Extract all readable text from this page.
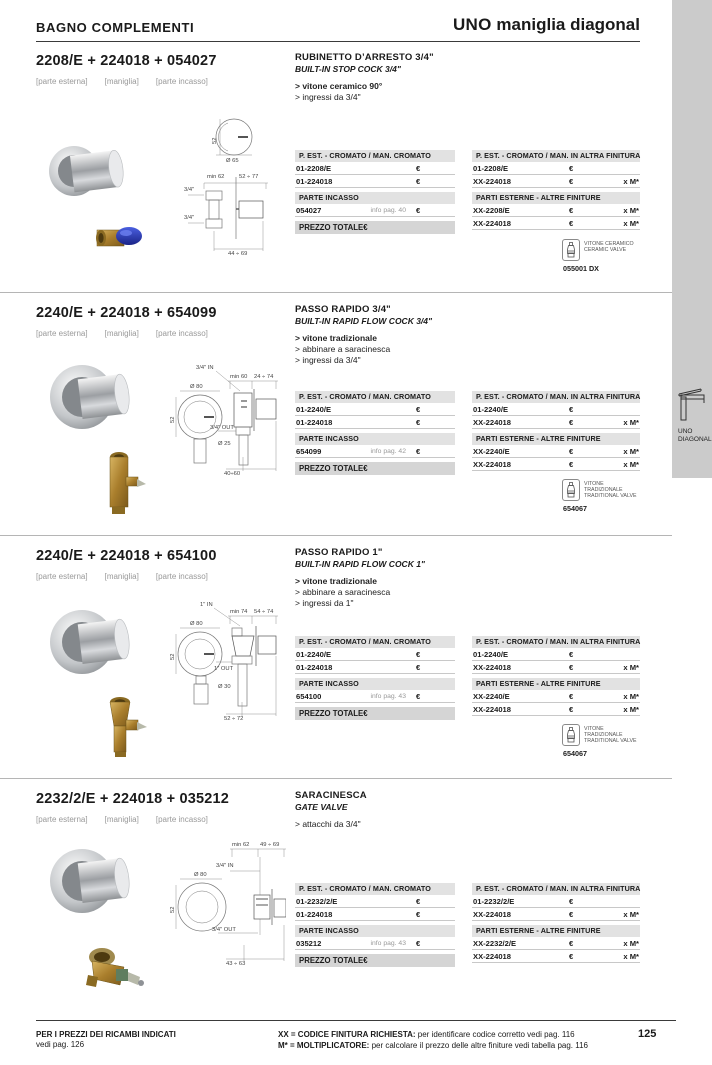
BAGNO COMPLEMENTI	UNO maniglia diagonal
UNO
DIAGONAL
2208/E + 224018 + 054027
[parte esterna] [maniglia] [parte incasso]
RUBINETTO D’ARRESTO 3/4"
BUILT-IN STOP COCK 3/4"
> vitone ceramico 90°
> ingressi da 3/4"
52
Ø 65
min 62	52 ÷ 77
3/4"
3/4"
44 ÷ 69
P. EST. - CROMATO / MAN. CROMATO
01-2208/E	€
01-224018	€
PARTE INCASSO
054027	info pag. 40 €
PREZZO TOTALE €
P. EST. - CROMATO / MAN. IN ALTRA FINITURA
01-2208/E	€
XX-224018	€	x M*
PARTI ESTERNE - ALTRE FINITURE
XX-2208/E	€	x M*
XX-224018	€	x M*
VITONE CERAMICO
CERAMIC VALVE
055001 DX
2240/E + 224018 + 654099
[parte esterna] [maniglia] [parte incasso]
PASSO RAPIDO 3/4"
BUILT-IN RAPID FLOW COCK 3/4"
> vitone tradizionale
> abbinare a saracinesca
> ingressi da 3/4"
3/4" IN
Ø 80
52
min 60 24 ÷ 74
3/4" OUT
Ø 25
40÷60
P. EST. - CROMATO / MAN. CROMATO
01-2240/E	€
01-224018	€
PARTE INCASSO
654099	info pag. 42 €
PREZZO TOTALE €
P. EST. - CROMATO / MAN. IN ALTRA FINITURA
01-2240/E	€
XX-224018	€	x M*
PARTI ESTERNE - ALTRE FINITURE
XX-2240/E	€	x M*
XX-224018	€	x M*
VITONE
TRADIZIONALE
TRADITIONAL VALVE
654067
2240/E + 224018 + 654100
[parte esterna] [maniglia] [parte incasso]
PASSO RAPIDO 1"
BUILT-IN RAPID FLOW COCK 1"
> vitone tradizionale
> abbinare a saracinesca
> ingressi da 1"
1" IN
Ø 80
52
min 74 54 ÷ 74
1" OUT
Ø 30
52 ÷ 72
P. EST. - CROMATO / MAN. CROMATO
01-2240/E	€
01-224018	€
PARTE INCASSO
654100	info pag. 43 €
PREZZO TOTALE €
P. EST. - CROMATO / MAN. IN ALTRA FINITURA
01-2240/E	€
XX-224018	€	x M*
PARTI ESTERNE - ALTRE FINITURE
XX-2240/E	€	x M*
XX-224018	€	x M*
VITONE
TRADIZIONALE
TRADITIONAL VALVE
654067
2232/2/E + 224018 + 035212
[parte esterna] [maniglia] [parte incasso]
SARACINESCA
GATE VALVE
> attacchi da 3/4"
min 62 49 ÷ 69
3/4" IN
Ø 80
52
3/4" OUT
43 ÷ 63
P. EST. - CROMATO / MAN. CROMATO
01-2232/2/E	€
01-224018	€
PARTE INCASSO
035212	info pag. 43 €
PREZZO TOTALE €
P. EST. - CROMATO / MAN. IN ALTRA FINITURA
01-2232/2/E	€
XX-224018	€	x M*
PARTI ESTERNE - ALTRE FINITURE
XX-2232/2/E	€	x M*
XX-224018	€	x M*
PER I PREZZI DEI RICAMBI INDICATI
vedi pag. 126
XX = CODICE FINITURA RICHIESTA: per identificare codice corretto vedi pag. 116
M* = MOLTIPLICATORE: per calcolare il prezzo delle altre finiture vedi tabella pag. 116
125
